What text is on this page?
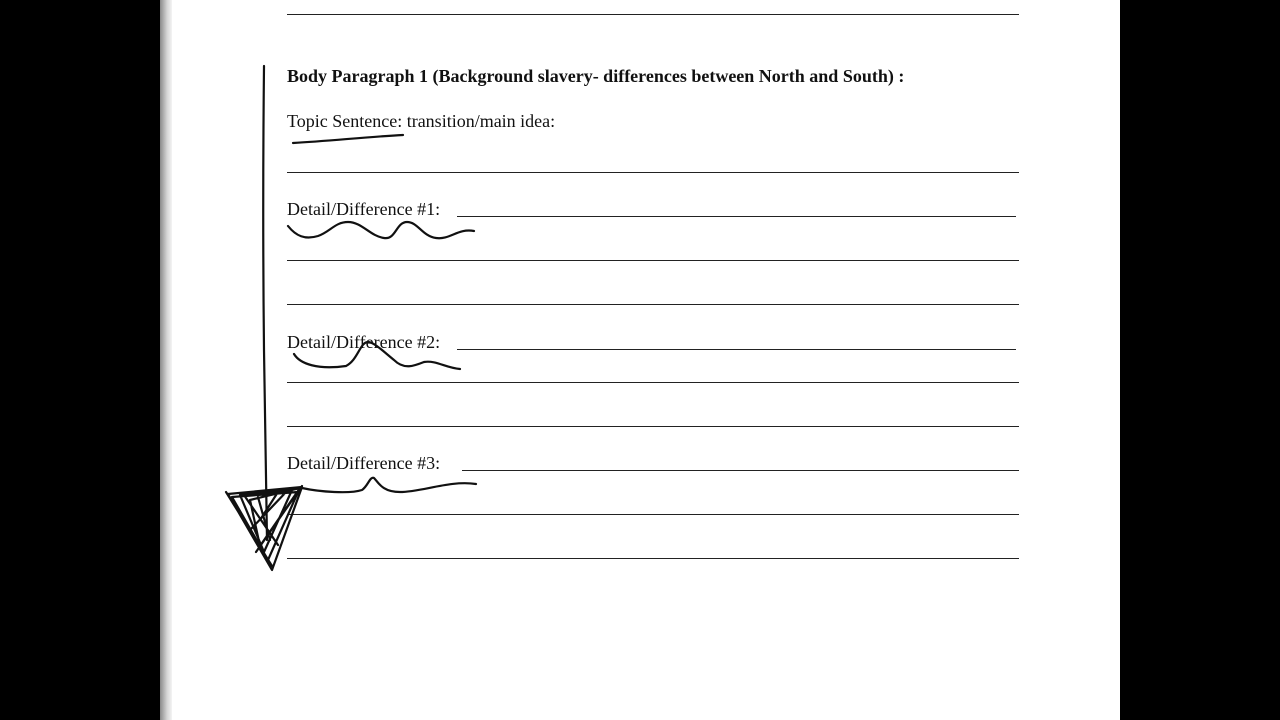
Body Paragraph 1 (Background slavery- differences between North and South) :
Topic Sentence: transition/main idea:
Detail/Difference #1:
Detail/Difference #2:
Detail/Difference #3:
